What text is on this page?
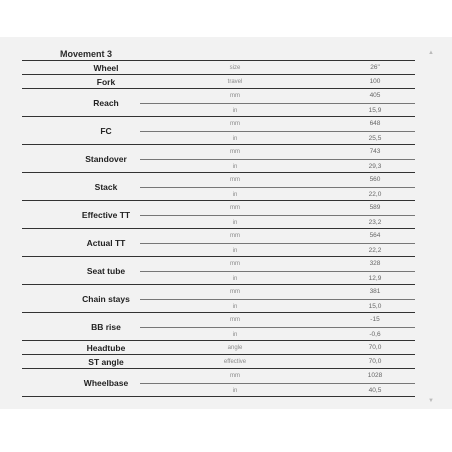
Movement 3	▲
▼
Wheel	size	26"
Fork	travel	100
Reach
mm	405
in	15,9
FC
mm	648
in	25,5
Standover
mm	743
in	29,3
Stack
mm	560
in	22,0
Effective TT
mm	589
in	23,2
Actual TT
mm	564
in	22,2
Seat tube
mm	328
in	12,9
Chain stays
mm	381
in	15,0
BB rise
mm	-15
in	-0,6
Headtube	angle	70,0
ST angle	effective	70,0
Wheelbase
mm	1028
in	40,5
